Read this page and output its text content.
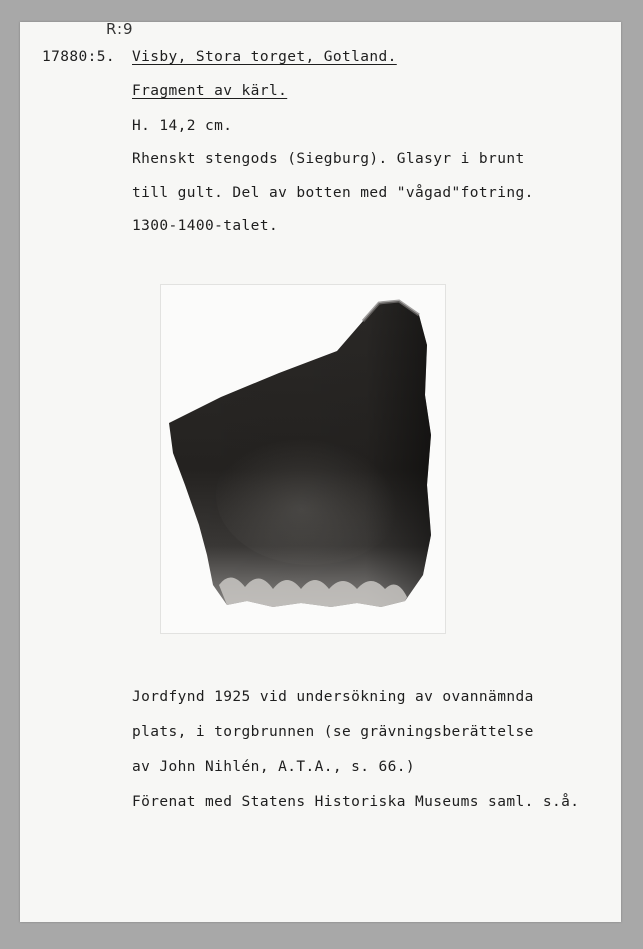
R:9
17880:5. Visby, Stora torget, Gotland.
Fragment av kärl.
H. 14,2 cm.
Rhenskt stengods (Siegburg). Glasyr i brunt
till gult. Del av botten med "vågad"fotring.
1300-1400-talet.
Jordfynd 1925 vid undersökning av ovannämnda
plats, i torgbrunnen (se grävningsberättelse
av John Nihlén, A.T.A., s. 66.)
Förenat med Statens Historiska Museums saml. s.å.
